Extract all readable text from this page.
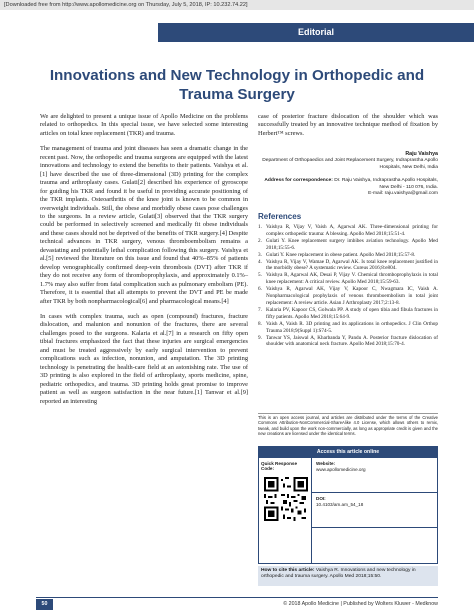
[Downloaded free from http://www.apollomedicine.org on Thursday, July 5, 2018, IP: 10.232.74.22]
Editorial
Innovations and New Technology in Orthopedic and Trauma Surgery

We are delighted to present a unique issue of Apollo Medicine on the problems related to orthopedics. In this special issue, we have selected some interesting articles on total knee replacement (TKR) and trauma.

The management of trauma and joint diseases has seen a dramatic change in the recent past. Now, the orthopedic and trauma surgeons are equipped with the latest innovations and technology to extend the benefits to their patients. Vaishya et al.[1] have described the use of three-dimensional (3D) printing for the complex trauma and arthroplasty cases. Gulati[2] described his experience of gyroscope for guiding his TKR and found it be useful in providing accurate positioning of the TKR implants. Osteoarthritis of the knee joint is known to be common in overweight individuals. Still, the obese and morbidly obese cases pose challenges to the surgeons. In a review article, Gulati[3] observed that the TKR surgery could be performed in selectively screened and medically fit obese individuals and these cases should not be deprived of the benefits of TKR surgery.[4] Despite technical advances in TKR surgery, venous thromboembolism remains a devastating and potentially lethal complication following this surgery. Vaishya et al.[5] reviewed the literature on this issue and found that 40%–85% of patients develop venographically confirmed deep-vein thrombosis (DVT) after TKR if they do not receive any form of thromboprophylaxis, and approximately 0.1%–1.7% may also suffer from fatal complication such as pulmonary embolism (PE). Therefore, it is essential that all attempts to prevent the DVT and PE be made after TKR by both nonpharmacological[6] and pharmacological means.[4]

In cases with complex trauma, such as open (compound) fractures, fracture dislocation, and malunion and nonunion of the fractures, there are several challenges posed to the surgeons. Kalaria et al.[7] in a research on fifty open tibial fractures emphasized the fact that these injuries are surgical emergencies and must be treated aggressively by early surgical intervention to prevent complications such as infection, nonunion, and amputation. The 3D printing technology is penetrating the health-care field at an astonishing rate. The use of 3D printing is also explored in the field of arthroplasty, sports medicine, spine, pediatric orthopedics, and trauma. 3D printing holds great promise to improve patient as well as surgeon satisfaction in the near future.[1] Tanwar et al.[9] reported an interesting

case of posterior fracture dislocation of the shoulder which was successfully treated by an innovative technique method of fixation by Herbert™ screws.
Raju Vaishya
Department of Orthopaedics and Joint Replacement Surgery, Indraprastha Apollo Hospitals, New Delhi, India
Address for correspondence: Dr. Raju Vaishya, Indraprastha Apollo Hospitals, New Delhi - 110 076, India.
E-mail: raju.vaishya@gmail.com
References
1. Vaishya R, Vijay V, Vaish A, Agarwal AK. Three-dimensional printing for complex orthopedic trauma: A blessing. Apollo Med 2018;15:51-4.
2. Gulati Y. Knee replacement surgery imbibes aviation technology. Apollo Med 2018;15:55-6.
3. Gulati Y. Knee replacement in obese patient. Apollo Med 2018;15:57-8.
4. Vaishya R, Vijay V, Wamae D, Agarwal AK. Is total knee replacement justified in the morbidly obese? A systematic review. Cureus 2016;8:e804.
5. Vaishya R, Agarwal AK, Desai P, Vijay V. Chemical thromboprophylaxis in total knee replacement: A critical review. Apollo Med 2018;15:59-63.
6. Vaishya R, Agarwal AK, Vijay V, Kapoor C, Nwagmara IC, Vaish A. Nonpharmacological prophylaxis of venous thromboembolism in total joint replacement: A review article. Asian J Arthroplasty 2017;2:13-8.
7. Kalaria PV, Kapoor CS, Golwala PP. A study of open tibia and fibula fractures in fifty patients. Apollo Med 2018;15:64-9.
8. Vaish A, Vaish R. 3D printing and its applications in orthopedics. J Clin Orthop Trauma 2018;9(Suppl 1):S74-5.
9. Tanwar YS, Jaiswal A, Kharbanda Y, Pandu A. Posterior fracture dislocation of shoulder with anatomical neck fracture. Apollo Med 2018;15:70-4.
This is an open access journal, and articles are distributed under the terms of the Creative Commons Attribution-NonCommercial-ShareAlike 4.0 License, which allows others to remix, tweak, and build upon the work non-commercially, as long as appropriate credit is given and the new creations are licensed under the identical terms.
Access this article online
Quick Response Code:
Website:
www.apollomedicine.org
DOI:
10.4103/am.am_54_18
How to cite this article: Vaishya R. Innovations and new technology in orthopedic and trauma surgery. Apollo Med 2018;15:50.
50	© 2018 Apollo Medicine | Published by Wolters Kluwer - Medknow
